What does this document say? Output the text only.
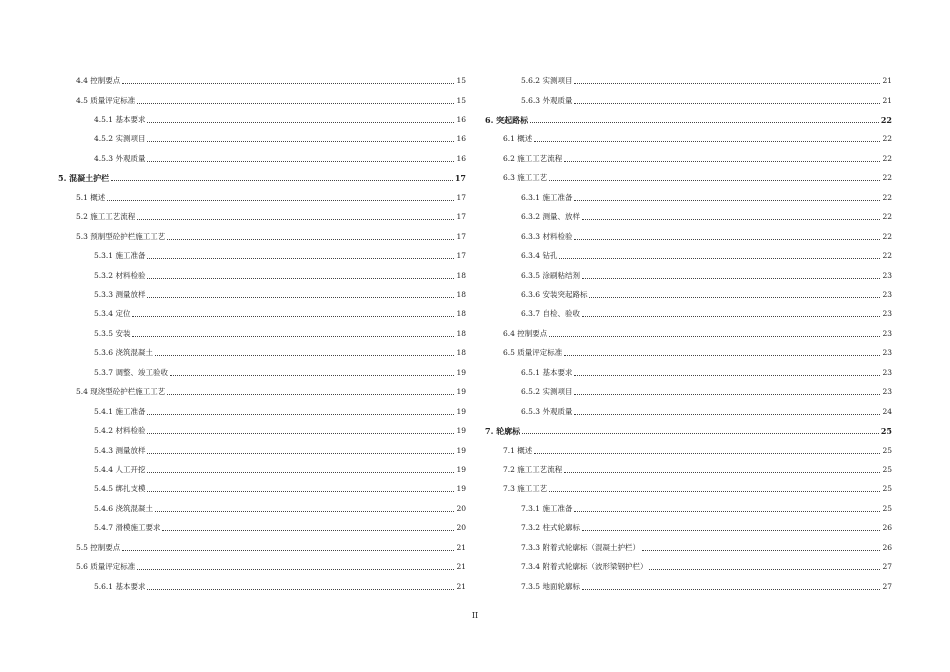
4.4 控制要点	15
4.5 质量评定标准	15
4.5.1 基本要求	16
4.5.2 实测项目	16
4.5.3 外观质量	16
5. 混凝土护栏	17
5.1 概述	17
5.2 施工工艺流程	17
5.3 预制型砼护栏施工工艺	17
5.3.1 施工准备	17
5.3.2 材料检验	18
5.3.3 测量放样	18
5.3.4 定位	18
5.3.5 安装	18
5.3.6 浇筑混凝土	18
5.3.7 调整、竣工验收	19
5.4 现浇型砼护栏施工工艺	19
5.4.1 施工准备	19
5.4.2 材料检验	19
5.4.3 测量放样	19
5.4.4 人工开挖	19
5.4.5 绑扎支模	19
5.4.6 浇筑混凝土	20
5.4.7 滑模施工要求	20
5.5 控制要点	21
5.6 质量评定标准	21
5.6.1 基本要求	21
5.6.2 实测项目	21
5.6.3 外观质量	21
6. 突起路标	22
6.1 概述	22
6.2 施工工艺流程	22
6.3 施工工艺	22
6.3.1 施工准备	22
6.3.2 测量、放样	22
6.3.3 材料检验	22
6.3.4 钻孔	22
6.3.5 涂刷粘结剂	23
6.3.6 安装突起路标	23
6.3.7 自检、验收	23
6.4 控制要点	23
6.5 质量评定标准	23
6.5.1 基本要求	23
6.5.2 实测项目	23
6.5.3 外观质量	24
7. 轮廓标	25
7.1 概述	25
7.2 施工工艺流程	25
7.3 施工工艺	25
7.3.1 施工准备	25
7.3.2 柱式轮廓标	26
7.3.3 附着式轮廓标（混凝土护栏）	26
7.3.4 附着式轮廓标（波形梁钢护栏）	27
7.3.5 地面轮廓标	27
II
